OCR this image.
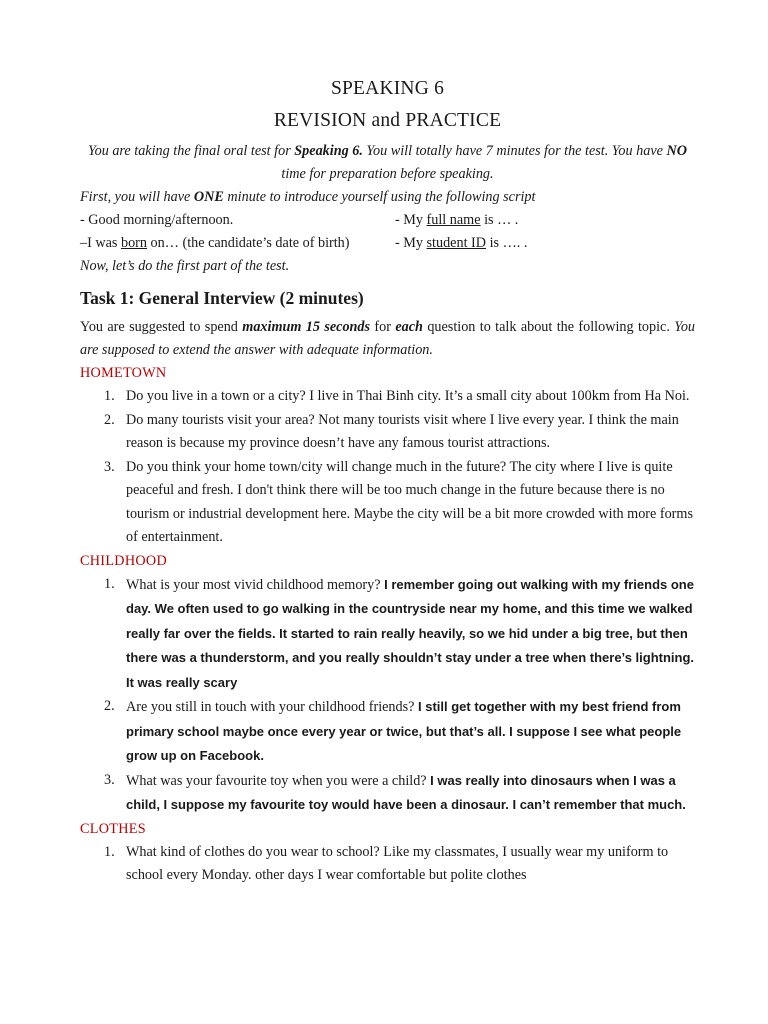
SPEAKING 6

REVISION and PRACTICE

You are taking the final oral test for Speaking 6. You will totally have 7 minutes for the test. You have NO time for preparation before speaking.

First, you will have ONE minute to introduce yourself using the following script

- Good morning/afternoon.	- My full name is … .

–I was born on… (the candidate’s date of birth)	- My student ID is …. .

Now, let’s do the first part of the test.

Task 1: General Interview (2 minutes)

You are suggested to spend maximum 15 seconds for each question to talk about the following topic. You are supposed to extend the answer with adequate information.

HOMETOWN

1. Do you live in a town or a city? I live in Thai Binh city. It’s a small city about 100km from Ha Noi.
2. Do many tourists visit your area? Not many tourists visit where I live every year. I think the main reason is because my province doesn’t have any famous tourist attractions.
3. Do you think your home town/city will change much in the future? The city where I live is quite peaceful and fresh. I don't think there will be too much change in the future because there is no tourism or industrial development here. Maybe the city will be a bit more crowded with more forms of entertainment.

CHILDHOOD

1. What is your most vivid childhood memory? I remember going out walking with my friends one day. We often used to go walking in the countryside near my home, and this time we walked really far over the fields. It started to rain really heavily, so we hid under a big tree, but then there was a thunderstorm, and you really shouldn’t stay under a tree when there’s lightning. It was really scary
2. Are you still in touch with your childhood friends? I still get together with my best friend from primary school maybe once every year or twice, but that’s all. I suppose I see what people grow up on Facebook.
3. What was your favourite toy when you were a child? I was really into dinosaurs when I was a child, I suppose my favourite toy would have been a dinosaur. I can’t remember that much.

CLOTHES

1. What kind of clothes do you wear to school? Like my classmates, I usually wear my uniform to school every Monday. other days I wear comfortable but polite clothes
